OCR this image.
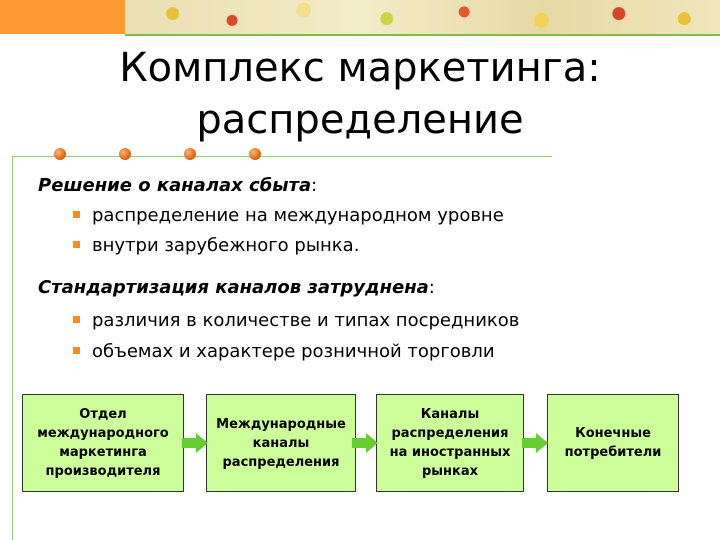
Комплекс маркетинга:
распределение
Решение о каналах сбыта:
распределение на международном уровне
внутри зарубежного рынка.
Стандартизация каналов затруднена:
различия в количестве и типах посредников
объемах и характере розничной торговли
Отдел
международного
маркетинга
производителя
Международные
каналы
распределения
Каналы
распределения
на иностранных
рынках
Конечные
потребители
